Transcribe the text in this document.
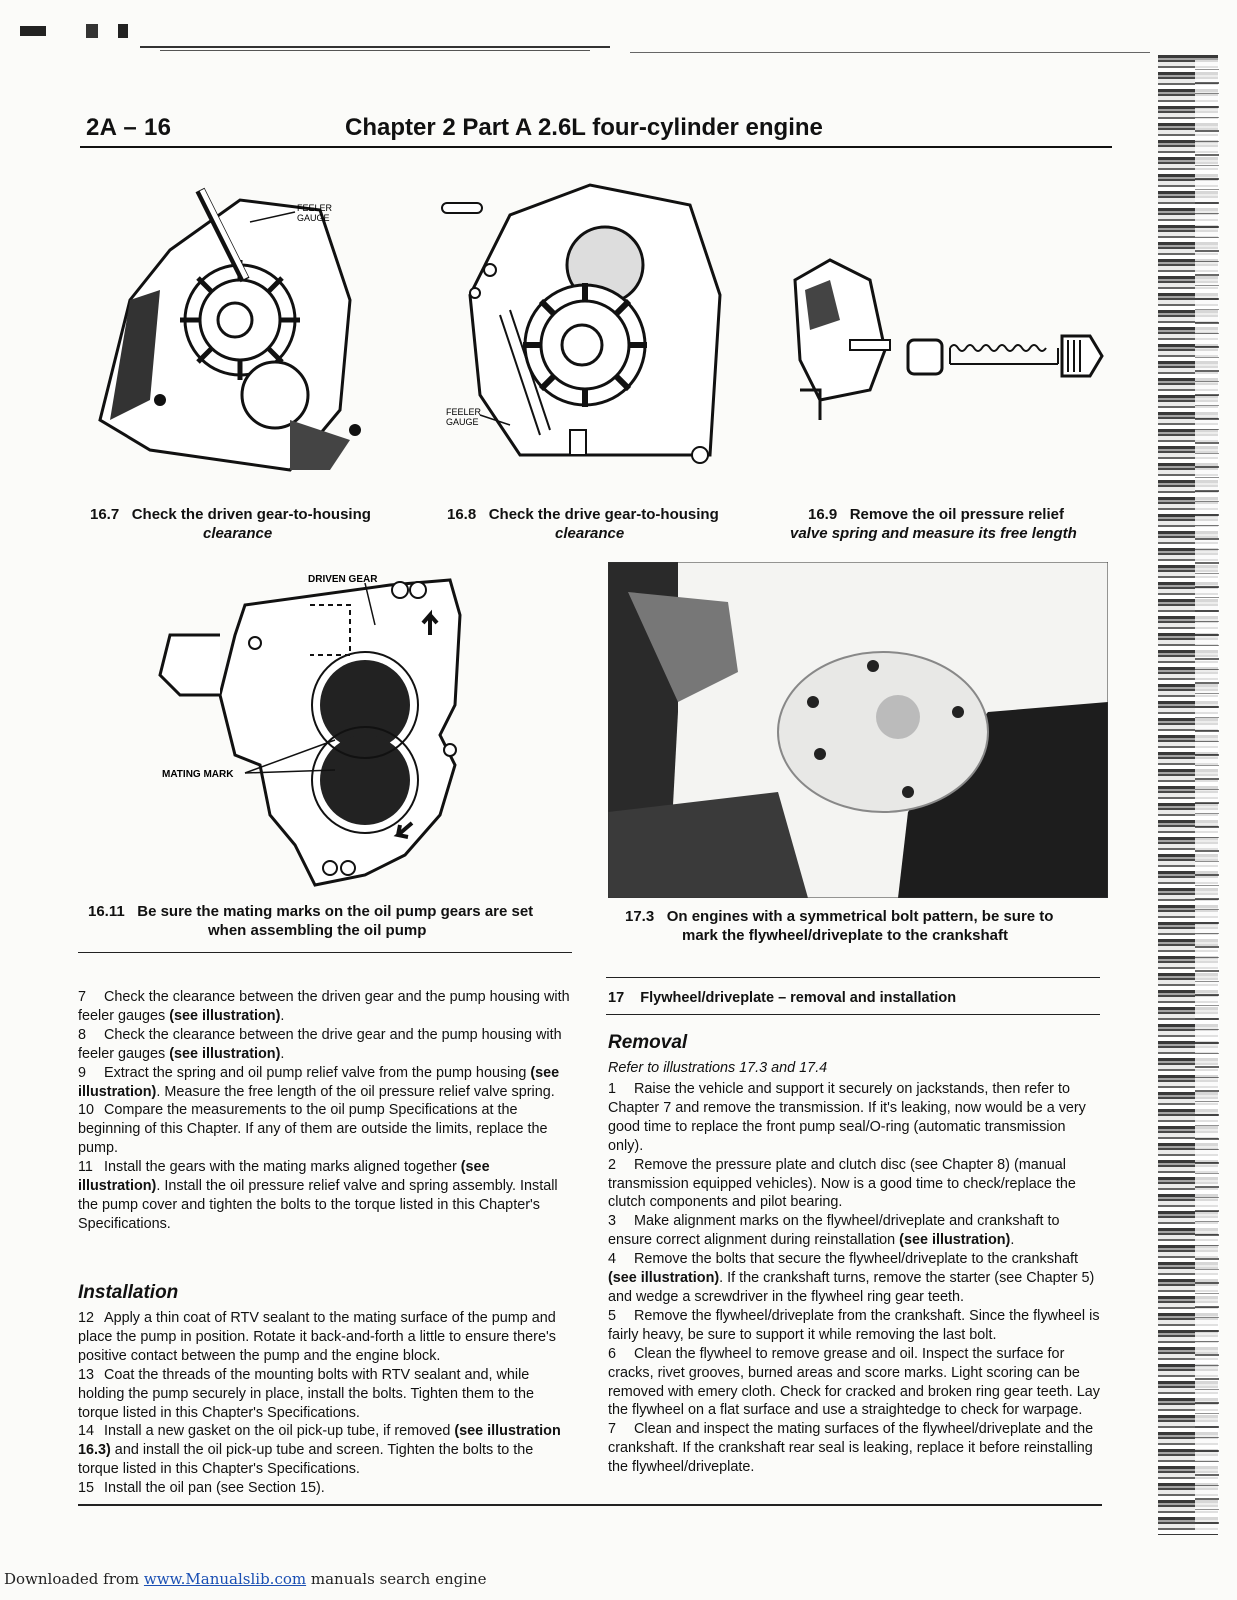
2A – 16	Chapter 2 Part A 2.6L four-cylinder engine
FEELER
GAUGE
16.7 Check the driven gear-to-housing
clearance
FEELER
GAUGE
16.8 Check the drive gear-to-housing
clearance
16.9 Remove the oil pressure relief
valve spring and measure its free length
DRIVEN GEAR
MATING MARK
16.11 Be sure the mating marks on the oil pump gears are set
when assembling the oil pump
17.3 On engines with a symmetrical bolt pattern, be sure to
mark the flywheel/driveplate to the crankshaft

7 Check the clearance between the driven gear and the pump housing with feeler gauges (see illustration).

8 Check the clearance between the drive gear and the pump housing with feeler gauges (see illustration).

9 Extract the spring and oil pump relief valve from the pump housing (see illustration). Measure the free length of the oil pressure relief valve spring.

10 Compare the measurements to the oil pump Specifications at the beginning of this Chapter. If any of them are outside the limits, replace the pump.

11 Install the gears with the mating marks aligned together (see illustration). Install the oil pressure relief valve and spring assembly. Install the pump cover and tighten the bolts to the torque listed in this Chapter's Specifications.

Installation

12 Apply a thin coat of RTV sealant to the mating surface of the pump and place the pump in position. Rotate it back-and-forth a little to ensure there's positive contact between the pump and the engine block.

13 Coat the threads of the mounting bolts with RTV sealant and, while holding the pump securely in place, install the bolts. Tighten them to the torque listed in this Chapter's Specifications.

14 Install a new gasket on the oil pick-up tube, if removed (see illustration 16.3) and install the oil pick-up tube and screen. Tighten the bolts to the torque listed in this Chapter's Specifications.

15 Install the oil pan (see Section 15).

17 Flywheel/driveplate – removal and installation
Removal
Refer to illustrations 17.3 and 17.4

1 Raise the vehicle and support it securely on jackstands, then refer to Chapter 7 and remove the transmission. If it's leaking, now would be a very good time to replace the front pump seal/O-ring (automatic transmission only).

2 Remove the pressure plate and clutch disc (see Chapter 8) (manual transmission equipped vehicles). Now is a good time to check/replace the clutch components and pilot bearing.

3 Make alignment marks on the flywheel/driveplate and crankshaft to ensure correct alignment during reinstallation (see illustration).

4 Remove the bolts that secure the flywheel/driveplate to the crankshaft (see illustration). If the crankshaft turns, remove the starter (see Chapter 5) and wedge a screwdriver in the flywheel ring gear teeth.

5 Remove the flywheel/driveplate from the crankshaft. Since the flywheel is fairly heavy, be sure to support it while removing the last bolt.

6 Clean the flywheel to remove grease and oil. Inspect the surface for cracks, rivet grooves, burned areas and score marks. Light scoring can be removed with emery cloth. Check for cracked and broken ring gear teeth. Lay the flywheel on a flat surface and use a straightedge to check for warpage.

7 Clean and inspect the mating surfaces of the flywheel/driveplate and the crankshaft. If the crankshaft rear seal is leaking, replace it before reinstalling the flywheel/driveplate.

Downloaded from www.Manualslib.com manuals search engine
